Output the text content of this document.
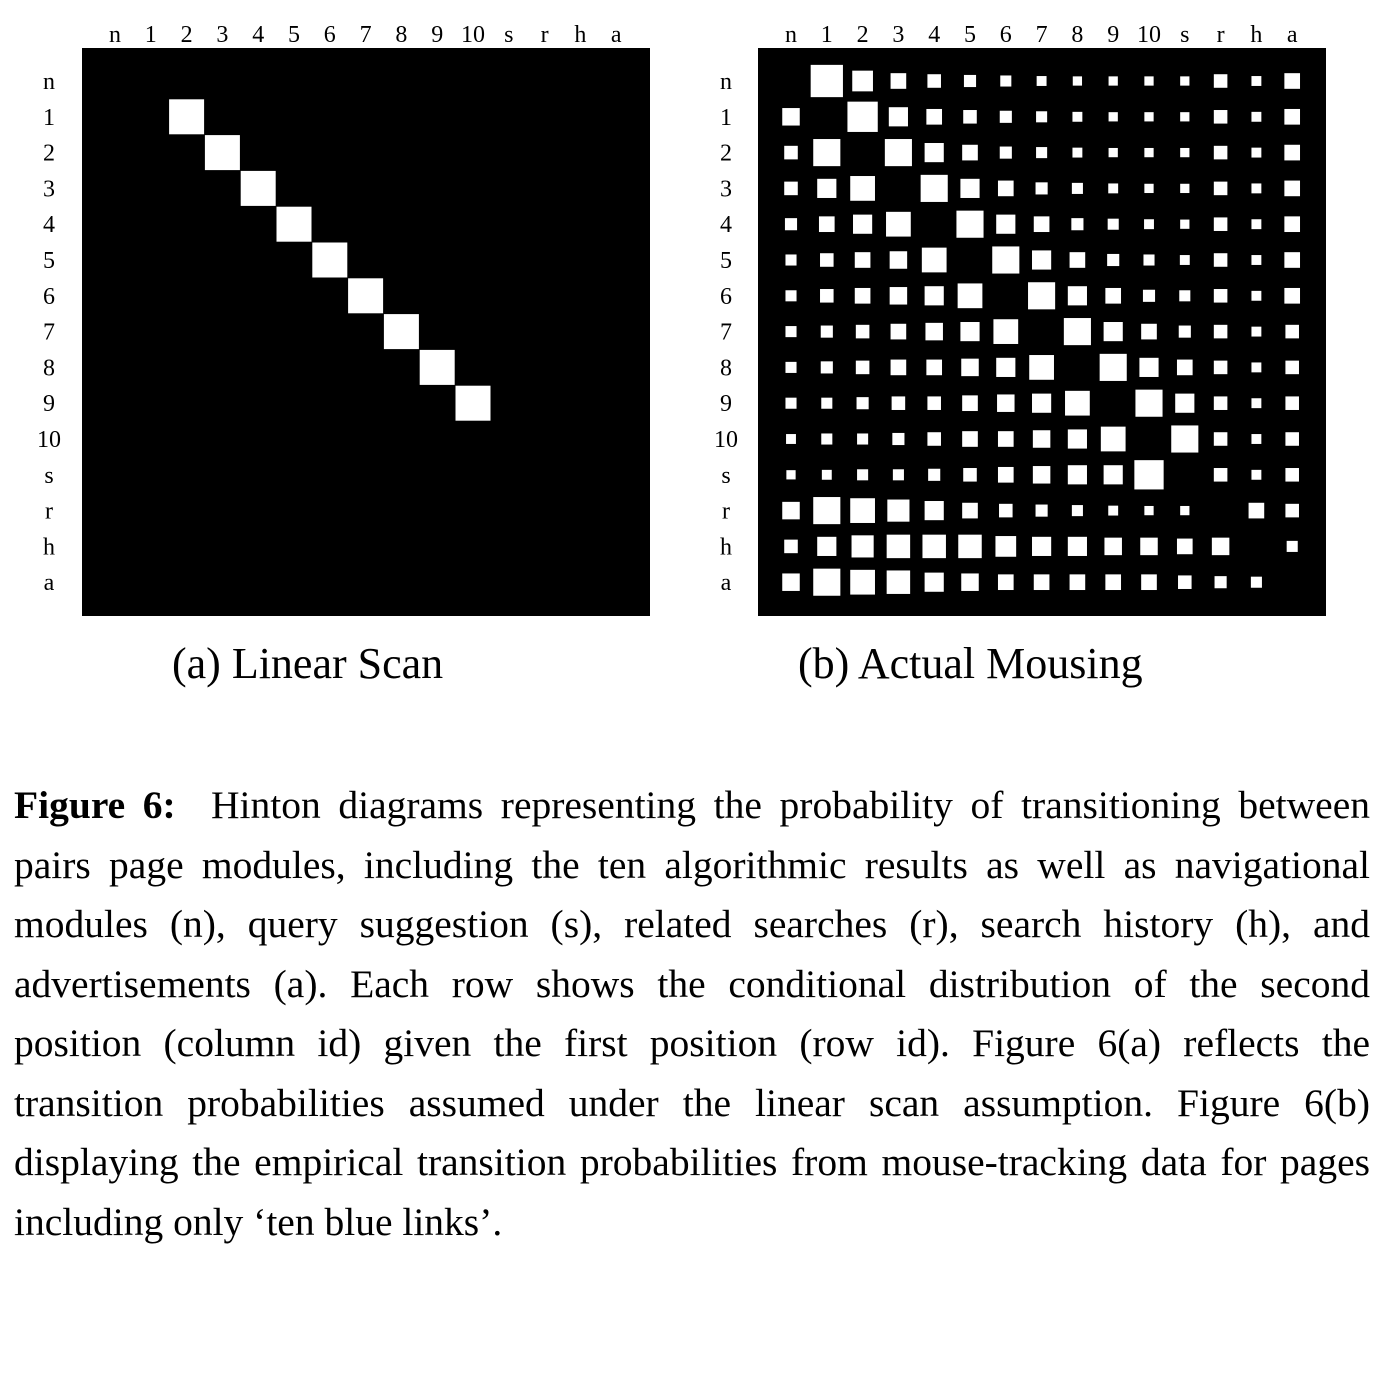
n 1 2 3 4 5 6 7 8 9 10 s r h a
n
1
2
3
4
5
6
7
8
9
10
s
r
h
a
(a) Linear Scan
n 1 2 3 4 5 6 7 8 9 10 s r h a
n
1
2
3
4
5
6
7
8
9
10
s
r
h
a
(b) Actual Mousing
Figure 6: Hinton diagrams representing the probability of transitioning between pairs page modules, including the ten algorithmic results as well as navigational modules (n), query suggestion (s), related searches (r), search history (h), and advertisements (a). Each row shows the conditional distribution of the second position (column id) given the first position (row id). Figure 6(a) reflects the transition probabilities assumed under the linear scan assumption. Figure 6(b) displaying the empirical transition probabilities from mouse-tracking data for pages including only ‘ten blue links’.
